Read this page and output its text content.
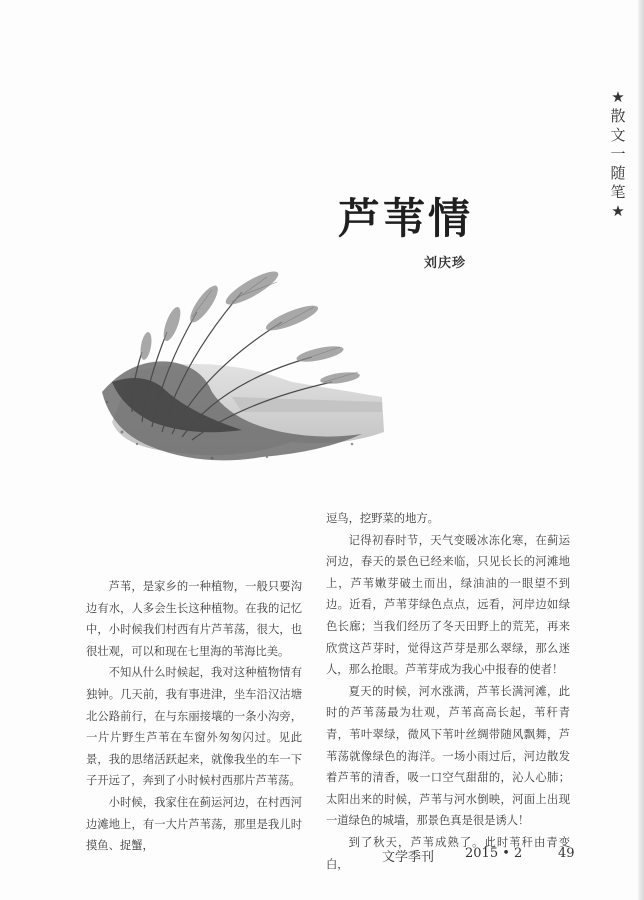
★
散
文
一
随
笔
★
芦苇情
刘庆珍

芦苇，是家乡的一种植物，一般只要沟边有水，人多会生长这种植物。在我的记忆中，小时候我们村西有片芦苇荡，很大，也很壮观，可以和现在七里海的苇海比美。

不知从什么时候起，我对这种植物情有独钟。几天前，我有事进津，坐车沿汉沽塘北公路前行，在与东丽接壤的一条小沟旁，一片片野生芦苇在车窗外匆匆闪过。见此景，我的思绪活跃起来，就像我坐的车一下子开远了，奔到了小时候村西那片芦苇荡。

小时候，我家住在蓟运河边，在村西河边滩地上，有一大片芦苇荡，那里是我儿时摸鱼、捉蟹，

逗鸟，挖野菜的地方。

记得初春时节，天气变暖冰冻化寒，在蓟运河边，春天的景色已经来临，只见长长的河滩地上，芦苇嫩芽破土而出，绿油油的一眼望不到边。近看，芦苇芽绿色点点，远看，河岸边如绿色长廊；当我们经历了冬天田野上的荒芜，再来欣赏这芦芽时，觉得这芦芽是那么翠绿，那么迷人，那么抢眼。芦苇芽成为我心中报春的使者！

夏天的时候，河水涨满，芦苇长满河滩，此时的芦苇荡最为壮观，芦苇高高长起，苇秆青青，苇叶翠绿，微风下苇叶丝绸带随风飘舞，芦苇荡就像绿色的海洋。一场小雨过后，河边散发着芦苇的清香，吸一口空气甜甜的，沁人心肺；太阳出来的时候，芦苇与河水倒映，河面上出现一道绿色的城墙，那景色真是很是诱人！

到了秋天，芦苇成熟了。此时苇秆由青变白，	文学季刊 2015 • 2	49
